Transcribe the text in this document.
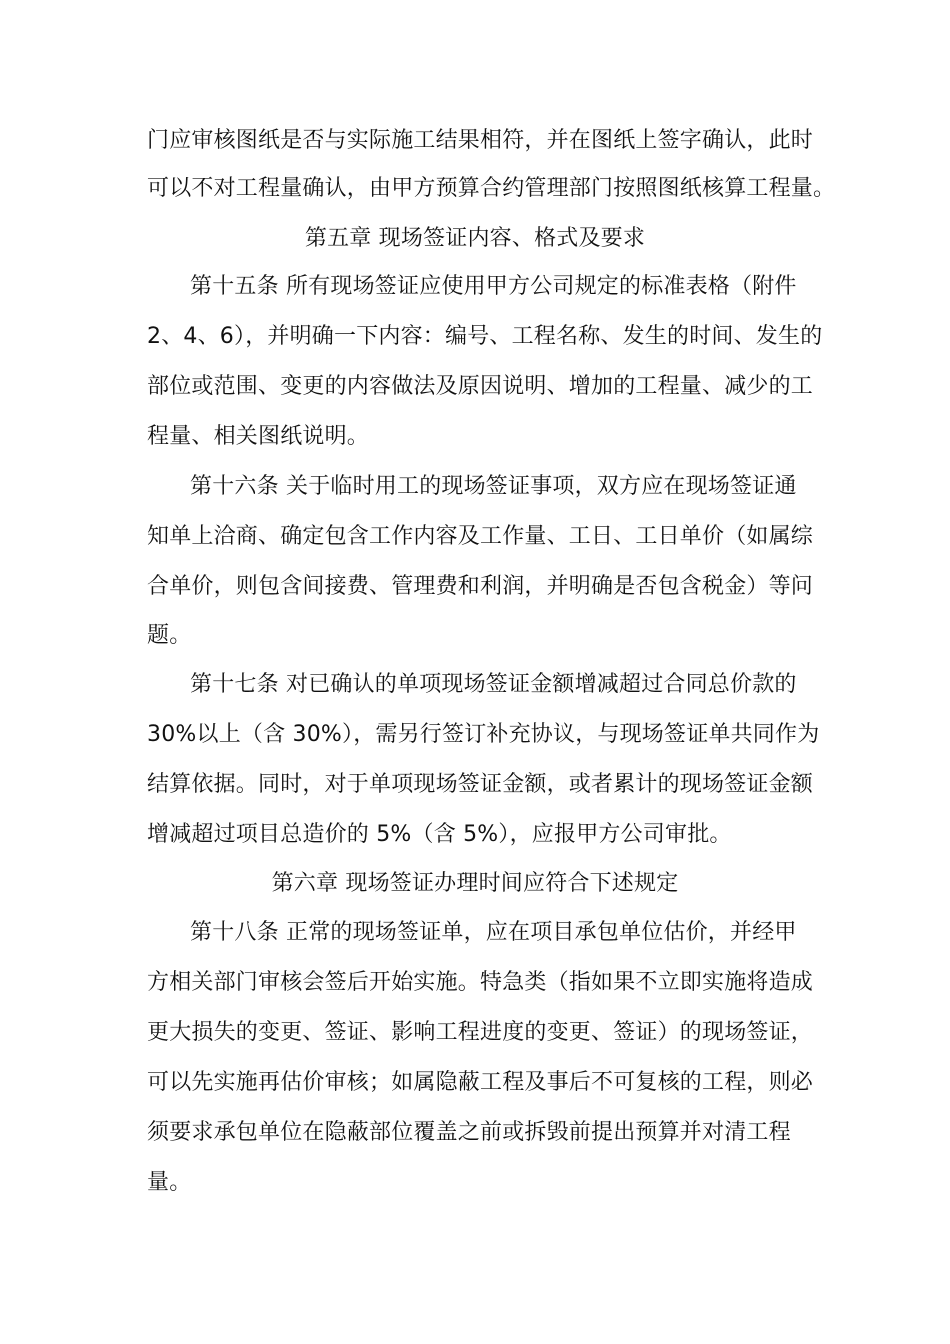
门应审核图纸是否与实际施工结果相符，并在图纸上签字确认，此时
可以不对工程量确认，由甲方预算合约管理部门按照图纸核算工程量。
第五章 现场签证内容、格式及要求
第十五条 所有现场签证应使用甲方公司规定的标准表格（附件
2、4、6），并明确一下内容：编号、工程名称、发生的时间、发生的
部位或范围、变更的内容做法及原因说明、增加的工程量、减少的工
程量、相关图纸说明。
第十六条 关于临时用工的现场签证事项，双方应在现场签证通
知单上洽商、确定包含工作内容及工作量、工日、工日单价（如属综
合单价，则包含间接费、管理费和利润，并明确是否包含税金）等问
题。
第十七条 对已确认的单项现场签证金额增减超过合同总价款的
30%以上（含 30%），需另行签订补充协议，与现场签证单共同作为
结算依据。同时，对于单项现场签证金额，或者累计的现场签证金额
增减超过项目总造价的 5%（含 5%），应报甲方公司审批。
第六章 现场签证办理时间应符合下述规定
第十八条 正常的现场签证单，应在项目承包单位估价，并经甲
方相关部门审核会签后开始实施。特急类（指如果不立即实施将造成
更大损失的变更、签证、影响工程进度的变更、签证）的现场签证，
可以先实施再估价审核；如属隐蔽工程及事后不可复核的工程，则必
须要求承包单位在隐蔽部位覆盖之前或拆毁前提出预算并对清工程
量。
